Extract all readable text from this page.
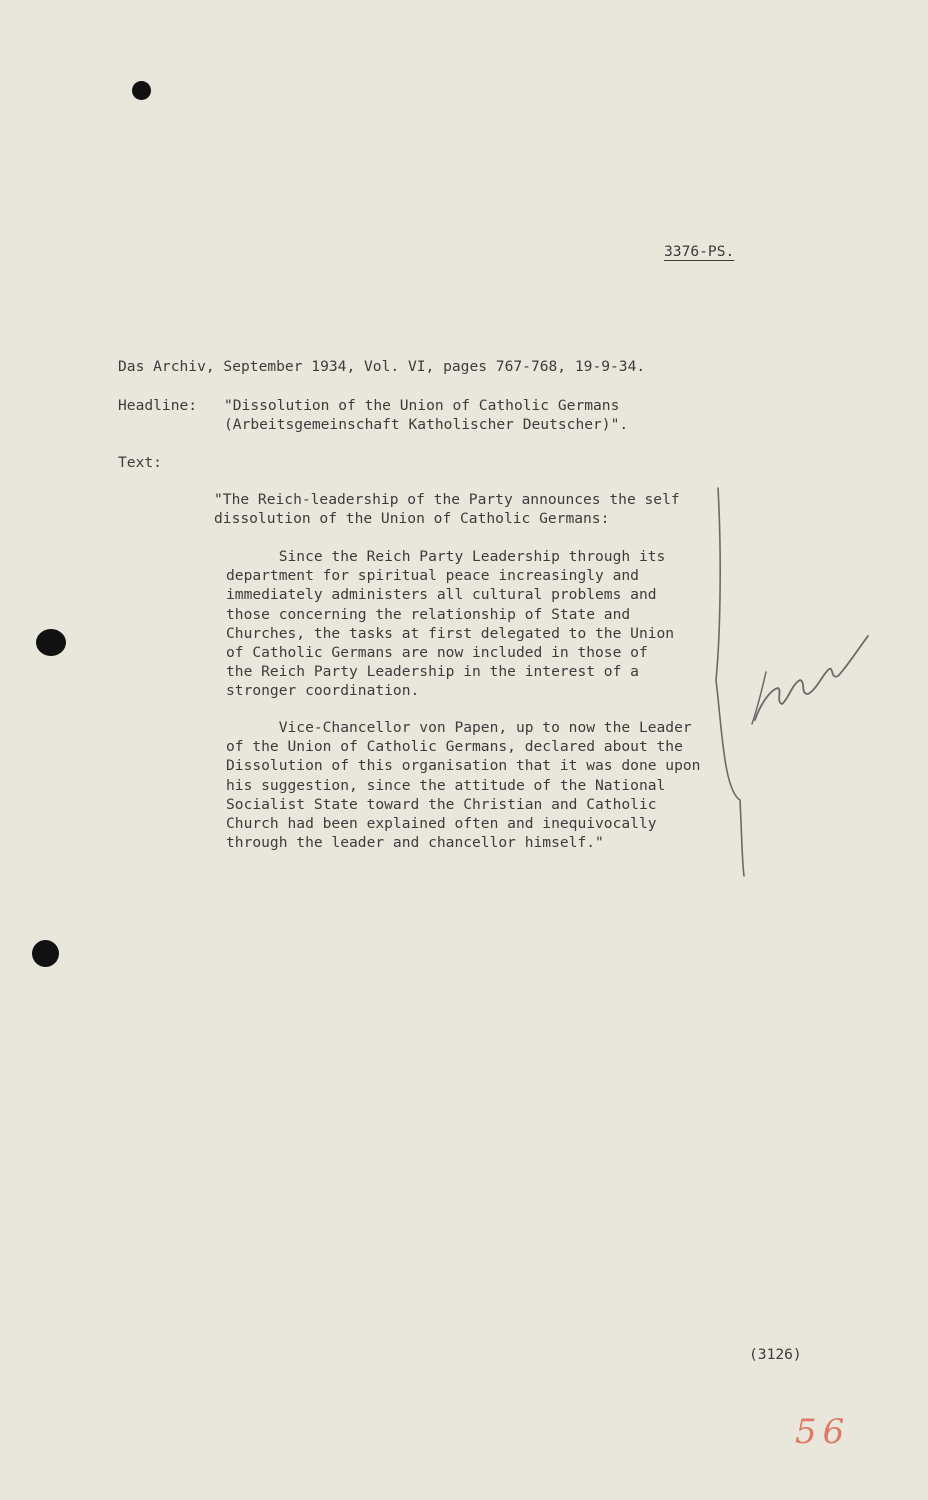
3376-PS.
Das Archiv, September 1934, Vol. VI, pages 767-768, 19-9-34.
Headline: "Dissolution of the Union of Catholic Germans
(Arbeitsgemeinschaft Katholischer Deutscher)".
Text:
"The Reich-leadership of the Party announces the self
dissolution of the Union of Catholic Germans:
Since the Reich Party Leadership through its
department for spiritual peace increasingly and
immediately administers all cultural problems and
those concerning the relationship of State and
Churches, the tasks at first delegated to the Union
of Catholic Germans are now included in those of
the Reich Party Leadership in the interest of a
stronger coordination.
Vice-Chancellor von Papen, up to now the Leader
of the Union of Catholic Germans, declared about the
Dissolution of this organisation that it was done upon
his suggestion, since the attitude of the National
Socialist State toward the Christian and Catholic
Church had been explained often and inequivocally
through the leader and chancellor himself."
(3126)
56
